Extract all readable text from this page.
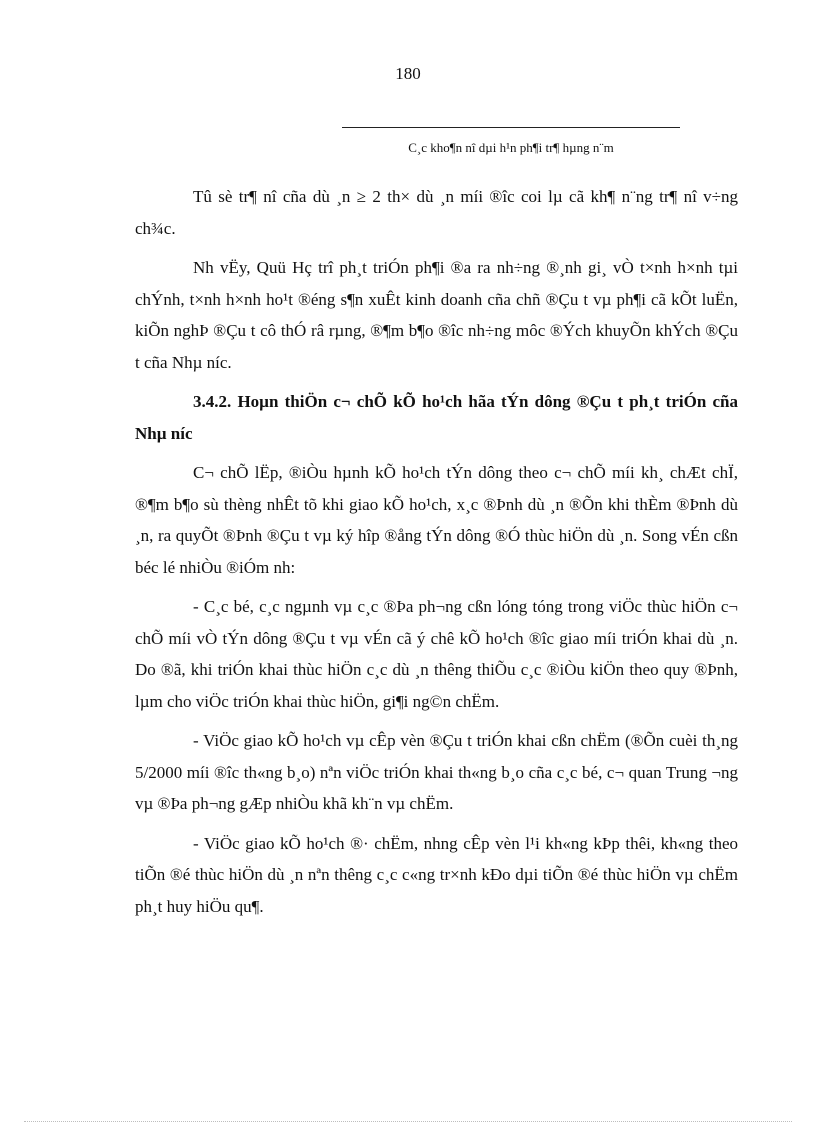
180
C¸c kho¶n nî dµi h¹n ph¶i tr¶ hµng n¨m

Tû sè tr¶ nî cña dù ¸n ≥ 2 th× dù ¸n míi ®îc coi lµ cã kh¶ n¨ng tr¶ nî v÷ng ch¾c.

Nh vËy, Quü Hç trî ph¸t triÓn ph¶i ®a ra nh÷ng ®¸nh gi¸ vÒ t×nh h×nh tµi chÝnh, t×nh h×nh ho¹t ®éng s¶n xuÊt kinh doanh cña chñ ®Çu t vµ ph¶i cã kÕt luËn, kiÕn nghÞ ®Çu t cô thÓ râ rµng, ®¶m b¶o ®îc nh÷ng môc ®Ých khuyÕn khÝch ®Çu t cña Nhµ níc.

3.4.2. Hoµn thiÖn c¬ chÕ kÕ ho¹ch hãa tÝn dông ®Çu t ph¸t triÓn cña Nhµ níc

C¬ chÕ lËp, ®iÒu hµnh kÕ ho¹ch tÝn dông theo c¬ chÕ míi kh¸ chÆt chÏ, ®¶m b¶o sù thèng nhÊt tõ khi giao kÕ ho¹ch, x¸c ®Þnh dù ¸n ®Õn khi thÈm ®Þnh dù ¸n, ra quyÕt ®Þnh ®Çu t vµ ký hîp ®ång tÝn dông ®Ó thùc hiÖn dù ¸n. Song vÉn cßn béc lé nhiÒu ®iÓm nh:

- C¸c bé, c¸c ngµnh vµ c¸c ®Þa ph¬ng cßn lóng tóng trong viÖc thùc hiÖn c¬ chÕ míi vÒ tÝn dông ®Çu t vµ vÉn cã ý chê kÕ ho¹ch ®îc giao míi triÓn khai dù ¸n. Do ®ã, khi triÓn khai thùc hiÖn c¸c dù ¸n thêng thiÕu c¸c ®iÒu kiÖn theo quy ®Þnh, lµm cho viÖc triÓn khai thùc hiÖn, gi¶i ng©n chËm.

- ViÖc giao kÕ ho¹ch vµ cÊp vèn ®Çu t triÓn khai cßn chËm (®Õn cuèi th¸ng 5/2000 míi ®îc th«ng b¸o) nªn viÖc triÓn khai th«ng b¸o cña c¸c bé, c¬ quan Trung ¬ng vµ ®Þa ph¬ng gÆp nhiÒu khã kh¨n vµ chËm.

- ViÖc giao kÕ ho¹ch ®· chËm, nhng cÊp vèn l¹i kh«ng kÞp thêi, kh«ng theo tiÕn ®é thùc hiÖn dù ¸n nªn thêng c¸c c«ng tr×nh kÐo dµi tiÕn ®é thùc hiÖn vµ chËm ph¸t huy hiÖu qu¶.
